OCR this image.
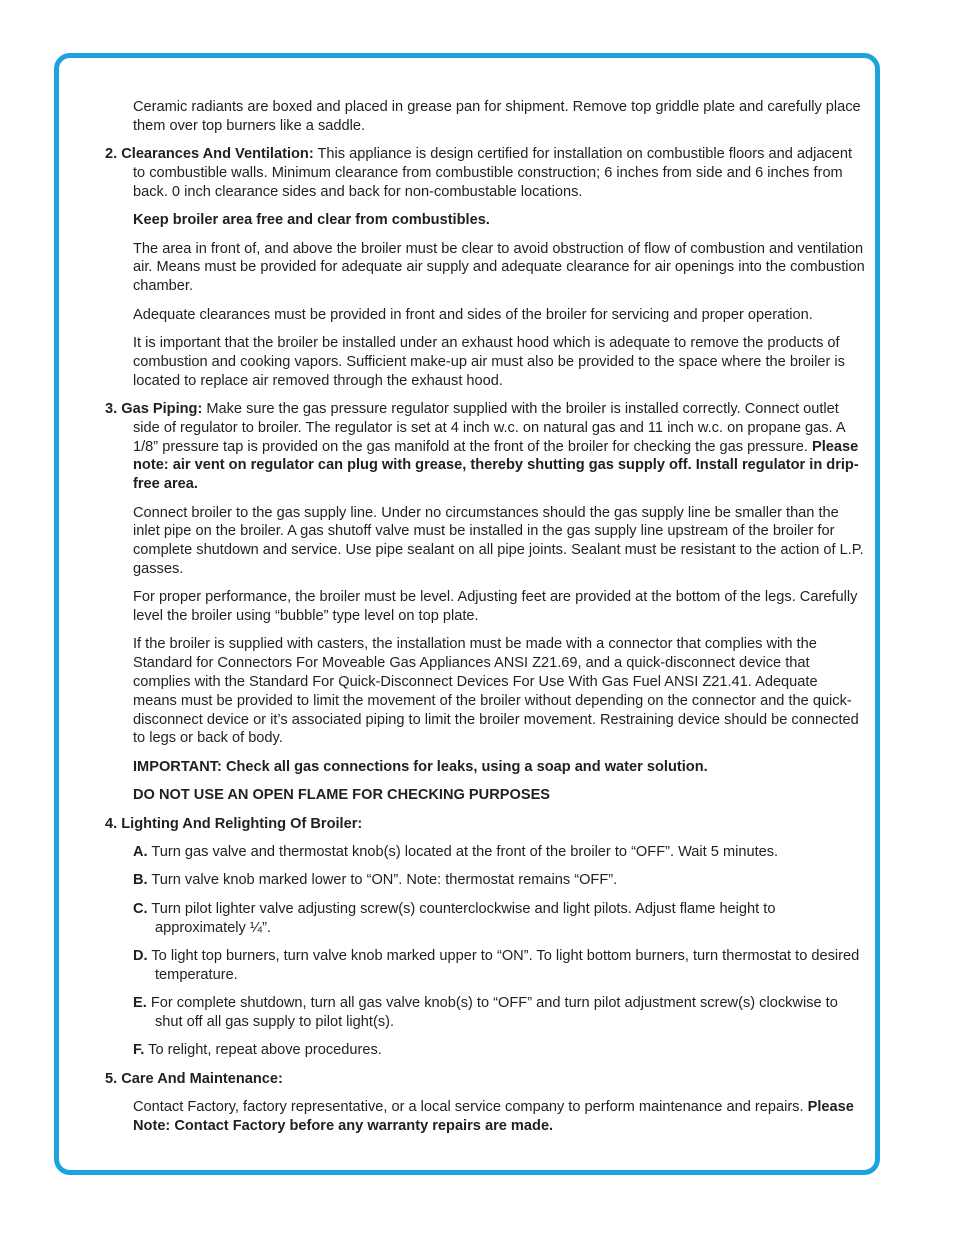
Ceramic radiants are boxed and placed in grease pan for shipment. Remove top griddle plate and carefully place them over top burners like a saddle.

2. Clearances And Ventilation: This appliance is design certified for installation on combustible floors and adjacent to combustible walls. Minimum clearance from combustible construction; 6 inches from side and 6 inches from back. 0 inch clearance sides and back for non-combustable locations.

Keep broiler area free and clear from combustibles.

The area in front of, and above the broiler must be clear to avoid obstruction of flow of combustion and ventilation air. Means must be provided for adequate air supply and adequate clearance for air openings into the combustion chamber.

Adequate clearances must be provided in front and sides of the broiler for servicing and proper operation.

It is important that the broiler be installed under an exhaust hood which is adequate to remove the products of combustion and cooking vapors. Sufficient make-up air must also be provided to the space where the broiler is located to replace air removed through the exhaust hood.

3. Gas Piping: Make sure the gas pressure regulator supplied with the broiler is installed correctly. Connect outlet side of regulator to broiler. The regulator is set at 4 inch w.c. on natural gas and 11 inch w.c. on propane gas. A 1/8” pressure tap is provided on the gas manifold at the front of the broiler for checking the gas pressure. Please note: air vent on regulator can plug with grease, thereby shutting gas supply off. Install regulator in drip-free area.

Connect broiler to the gas supply line. Under no circumstances should the gas supply line be smaller than the inlet pipe on the broiler. A gas shutoff valve must be installed in the gas supply line upstream of the broiler for complete shutdown and service. Use pipe sealant on all pipe joints. Sealant must be resistant to the action of L.P. gasses.

For proper performance, the broiler must be level. Adjusting feet are provided at the bottom of the legs. Carefully level the broiler using “bubble” type level on top plate.

If the broiler is supplied with casters, the installation must be made with a connector that complies with the Standard for Connectors For Moveable Gas Appliances ANSI Z21.69, and a quick-disconnect device that complies with the Standard For Quick-Disconnect Devices For Use With Gas Fuel ANSI Z21.41. Adequate means must be provided to limit the movement of the broiler without depending on the connector and the quick-disconnect device or it’s associated piping to limit the broiler movement. Restraining device should be connected to legs or back of body.

IMPORTANT: Check all gas connections for leaks, using a soap and water solution.

DO NOT USE AN OPEN FLAME FOR CHECKING PURPOSES

4. Lighting And Relighting Of Broiler:

A. Turn gas valve and thermostat knob(s) located at the front of the broiler to “OFF”. Wait 5 minutes.

B. Turn valve knob marked lower to “ON”. Note: thermostat remains “OFF”.

C. Turn pilot lighter valve adjusting screw(s) counterclockwise and light pilots. Adjust flame height to approximately ¼”.

D. To light top burners, turn valve knob marked upper to “ON”. To light bottom burners, turn thermostat to desired temperature.

E. For complete shutdown, turn all gas valve knob(s) to “OFF” and turn pilot adjustment screw(s) clockwise to shut off all gas supply to pilot light(s).

F. To relight, repeat above procedures.

5. Care And Maintenance:

Contact Factory, factory representative, or a local service company to perform maintenance and repairs. Please Note: Contact Factory before any warranty repairs are made.
